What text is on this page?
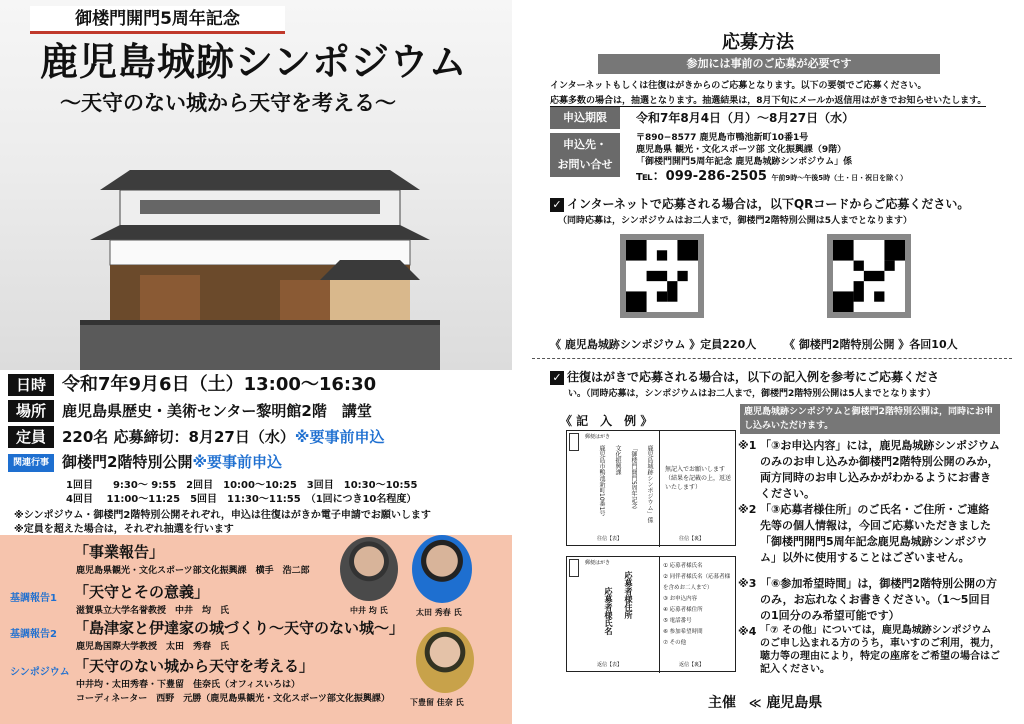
御楼門開門5周年記念
鹿児島城跡シンポジウム
〜天守のない城から天守を考える〜
日時 令和7年9月6日（土）13:00〜16:30
場所	鹿児島県歴史・美術センター黎明館2階　講堂
定員	220名 応募締切：8月27日（水）※要事前申込
関連行事 御楼門2階特別公開※要事前申込
1回目　　9:30〜 9:55　2回目　10:00〜10:25　3回目　10:30〜10:55
4回目　 11:00〜11:25　5回目　11:30〜11:55　（1回につき10名程度）
※シンポジウム・御楼門2階特別公開それぞれ，申込は往復はがきか電子申請でお願いします
※定員を超えた場合は，それぞれ抽選を行います
「事業報告」
鹿児島県観光・文化スポーツ部文化振興課　横手　浩二郎
基調報告1 「天守とその意義」
滋賀県立大学名誉教授　中井　均　氏
基調報告2 「島津家と伊達家の城づくり〜天守のない城〜」
鹿児島国際大学教授　太田　秀春　氏
シンポジウム 「天守のない城から天守を考える」
中井均・太田秀春・下豊留　佳奈氏（オフィスいろは）
コーディネーター　西野　元勝（鹿児島県観光・文化スポーツ部文化振興課）
中井 均 氏	太田 秀春 氏
下豊留 佳奈 氏
応募方法
参加には事前のご応募が必要です
インターネットもしくは往復はがきからのご応募となります。以下の要領でご応募ください。
応募多数の場合は，抽選となります。抽選結果は，8月下旬にメールか返信用はがきでお知らせいたします。
申込期限	令和7年8月4日（月）〜8月27日（水）
申込先・
お問い合せ
〒890−8577 鹿児島市鴨池新町10番1号
鹿児島県 観光・文化スポーツ部 文化振興課（9階）
「御楼門開門5周年記念 鹿児島城跡シンポジウム」係
℡：099-286-2505 午前9時〜午後5時（土・日・祝日を除く）
✓ インターネットで応募される場合は，以下QRコードからご応募ください。
（同時応募は，シンポジウムはお二人まで，御楼門2階特別公開は5人までとなります）
《 鹿児島城跡シンポジウム 》定員220人	《 御楼門2階特別公開 》各回10人
✓ 往復はがきで応募される場合は，以下の記入例を参考にご応募くださ
い。（同時応募は，シンポジウムはお二人まで，御楼門2階特別公開は5人までとなります）
《 記　入　例 》
鹿児島城跡シンポジウムと御楼門2階特別公開は，同時にお申し込みいただけます。
郵便はがき
鹿児島市鴨池新町10番1号 文化振興課 「御楼門開門5周年記念 鹿児島城跡シンポジウム」係 無記入でお願いします（結果を記載の上，返送いたします）
往信【表】	往信【裏】
郵便はがき
応募者様住所
応募者様氏名
① 応募者様氏名
② 同伴者様氏名（応募者様を含めお二人まで）
③ お申込内容
④ 応募者様住所
⑤ 電話番号
⑥ 参加希望時間
⑦ その他
返信【表】	返信【裏】
※1 「③お申込内容」には，鹿児島城跡シンポジウムのみのお申し込みか御楼門2階特別公開のみか，両方同時のお申し込みかがわかるようにお書きください。
※2 「③応募者様住所」のご氏名・ご住所・ご連絡先等の個人情報は，今回ご応募いただきました「御楼門開門5周年記念鹿児島城跡シンポジウム」以外に使用することはございません。
※3 「⑥参加希望時間」は，御楼門2階特別公開の方のみ，お忘れなくお書きください。（1〜5回目の1回分のみ希望可能です）
※4 「⑦ その他」については，鹿児島城跡シンポジウムのご申し込まれる方のうち，車いすのご利用，視力，聴力等の理由により，特定の座席をご希望の場合はご記入ください。
主催 ≪ 鹿児島県
